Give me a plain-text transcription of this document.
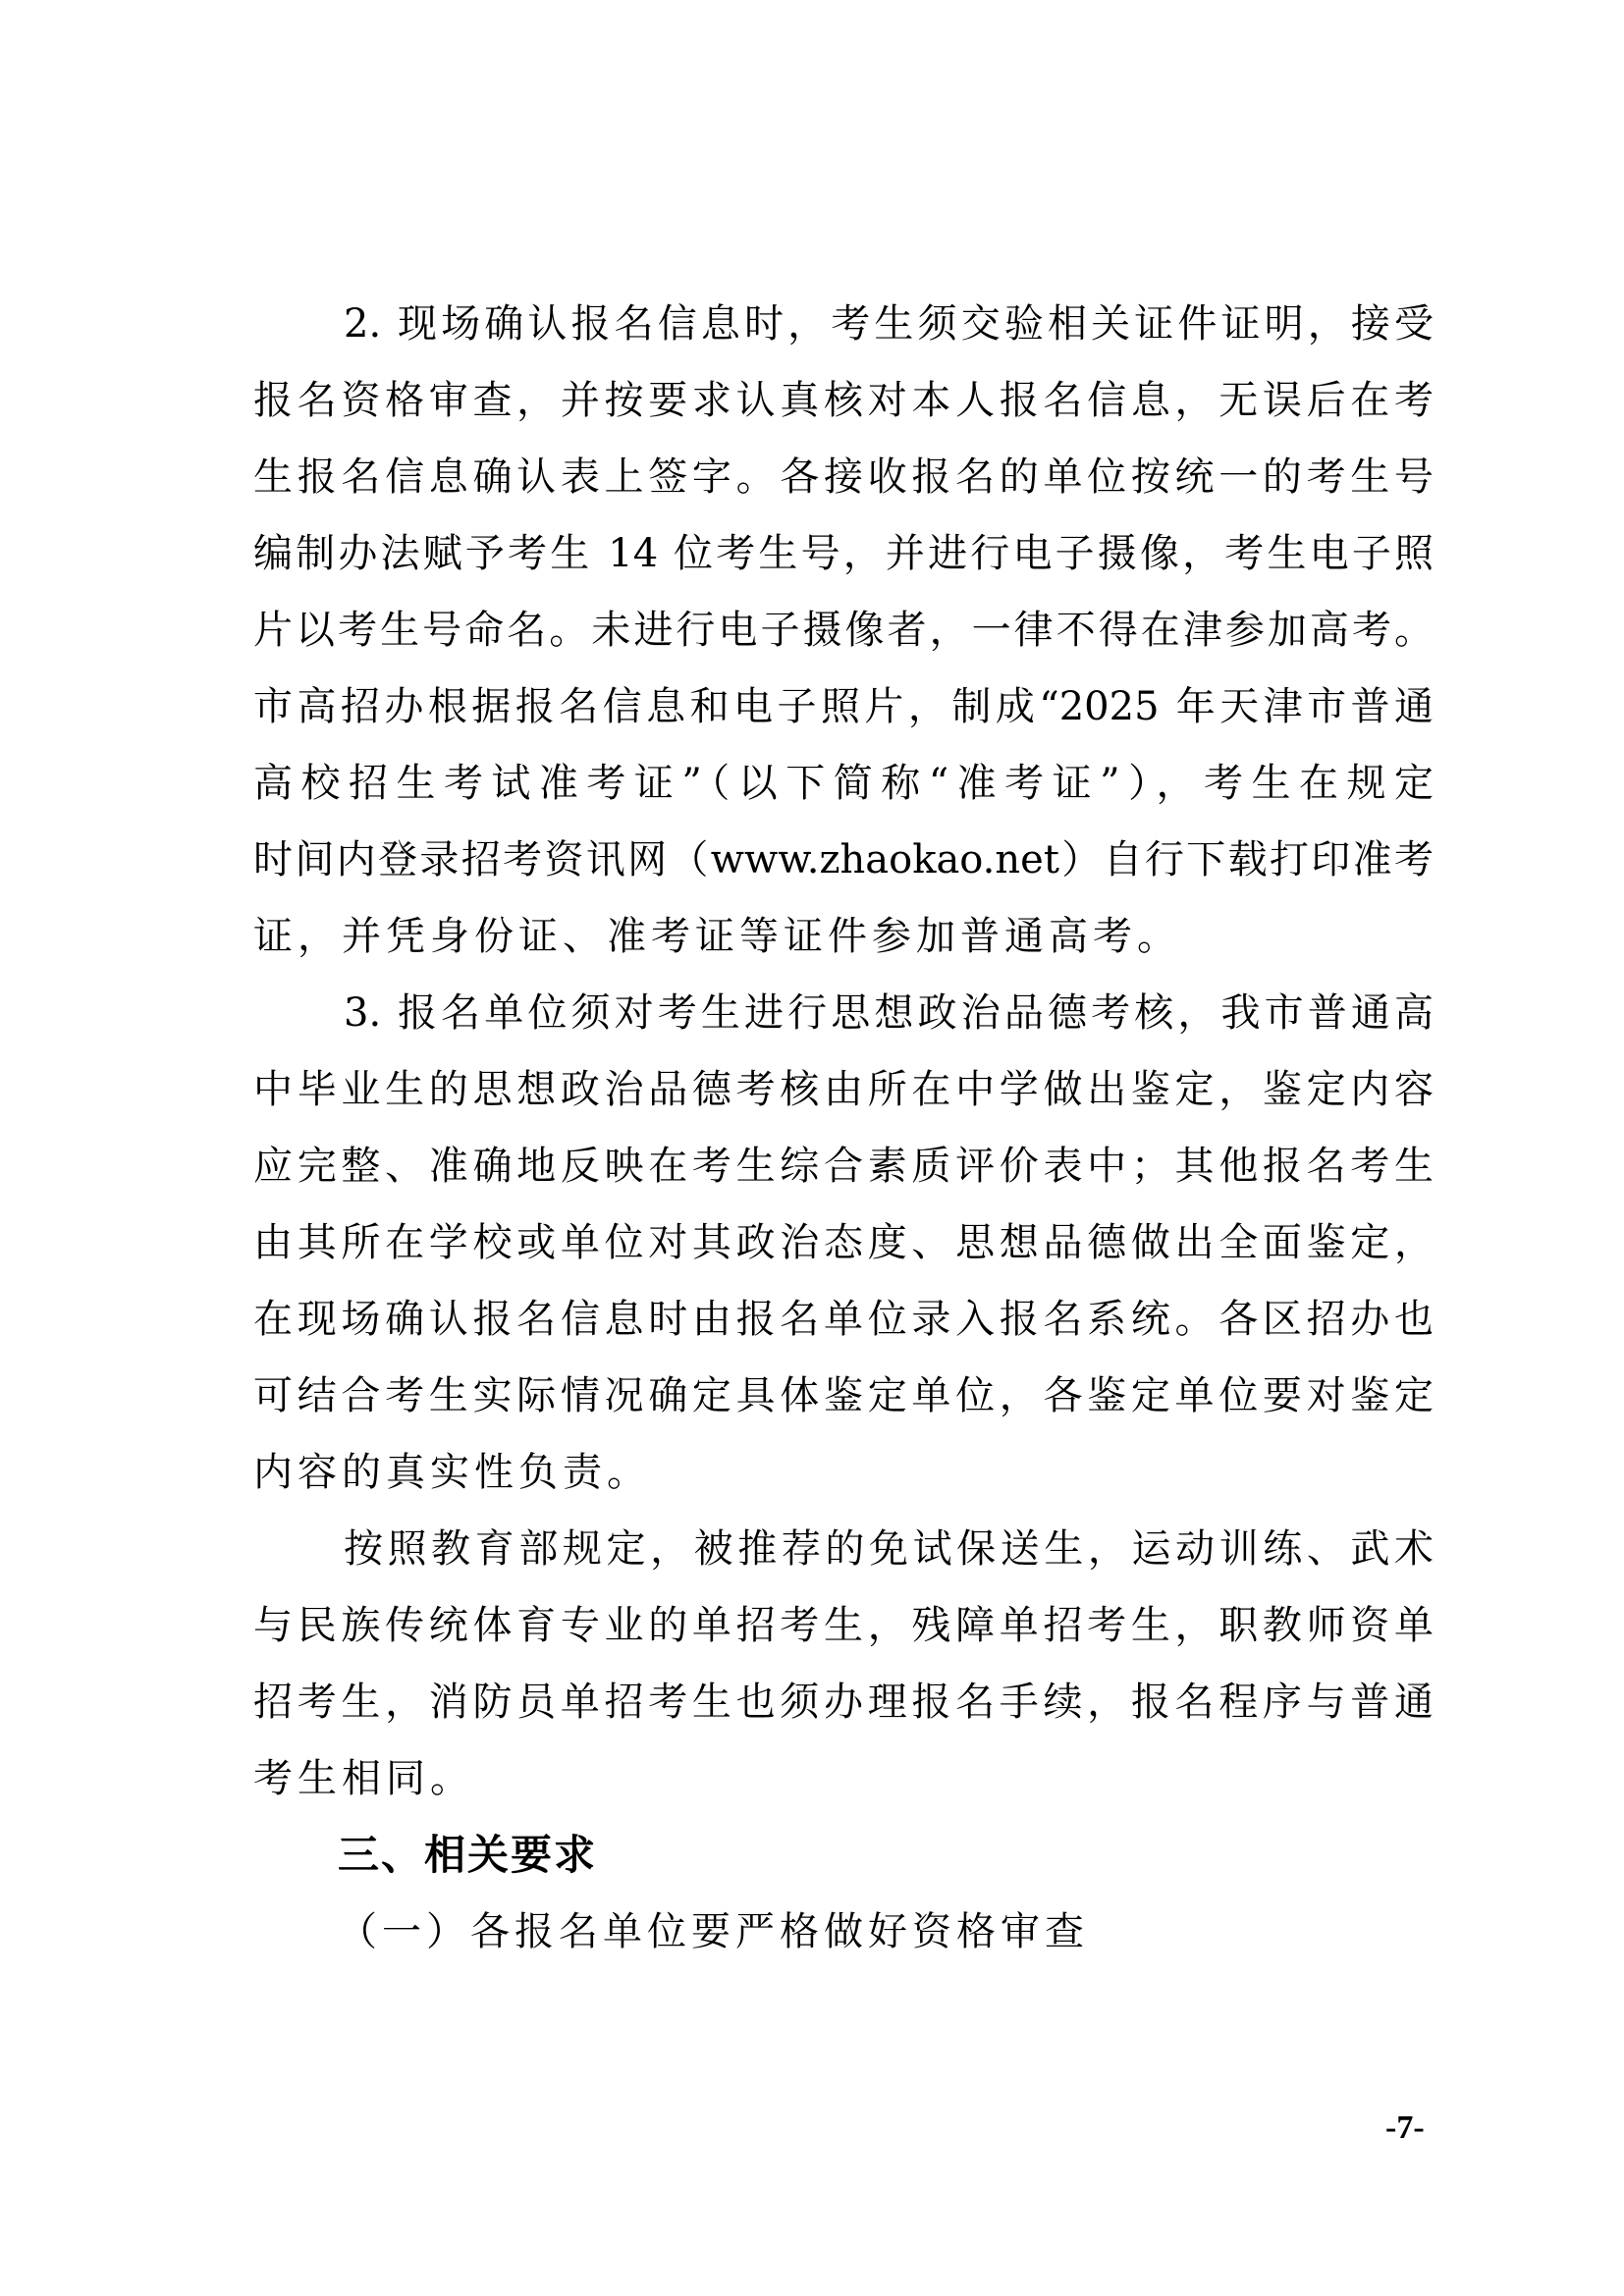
2. 现场确认报名信息时，考生须交验相关证件证明，接受
报名资格审查，并按要求认真核对本人报名信息，无误后在考
生报名信息确认表上签字。各接收报名的单位按统一的考生号
编制办法赋予考生 14 位考生号，并进行电子摄像，考生电子照
片以考生号命名。未进行电子摄像者，一律不得在津参加高考。
市高招办根据报名信息和电子照片，制成“2025 年天津市普通
高校招生考试准考证”（以下简称“准考证”），考生在规定
时间内登录招考资讯网（www.zhaokao.net）自行下载打印准考
证，并凭身份证、准考证等证件参加普通高考。
3. 报名单位须对考生进行思想政治品德考核，我市普通高
中毕业生的思想政治品德考核由所在中学做出鉴定，鉴定内容
应完整、准确地反映在考生综合素质评价表中；其他报名考生
由其所在学校或单位对其政治态度、思想品德做出全面鉴定，
在现场确认报名信息时由报名单位录入报名系统。各区招办也
可结合考生实际情况确定具体鉴定单位，各鉴定单位要对鉴定
内容的真实性负责。
按照教育部规定，被推荐的免试保送生，运动训练、武术
与民族传统体育专业的单招考生，残障单招考生，职教师资单
招考生，消防员单招考生也须办理报名手续，报名程序与普通
考生相同。
三、相关要求
（一）各报名单位要严格做好资格审查
-7-
